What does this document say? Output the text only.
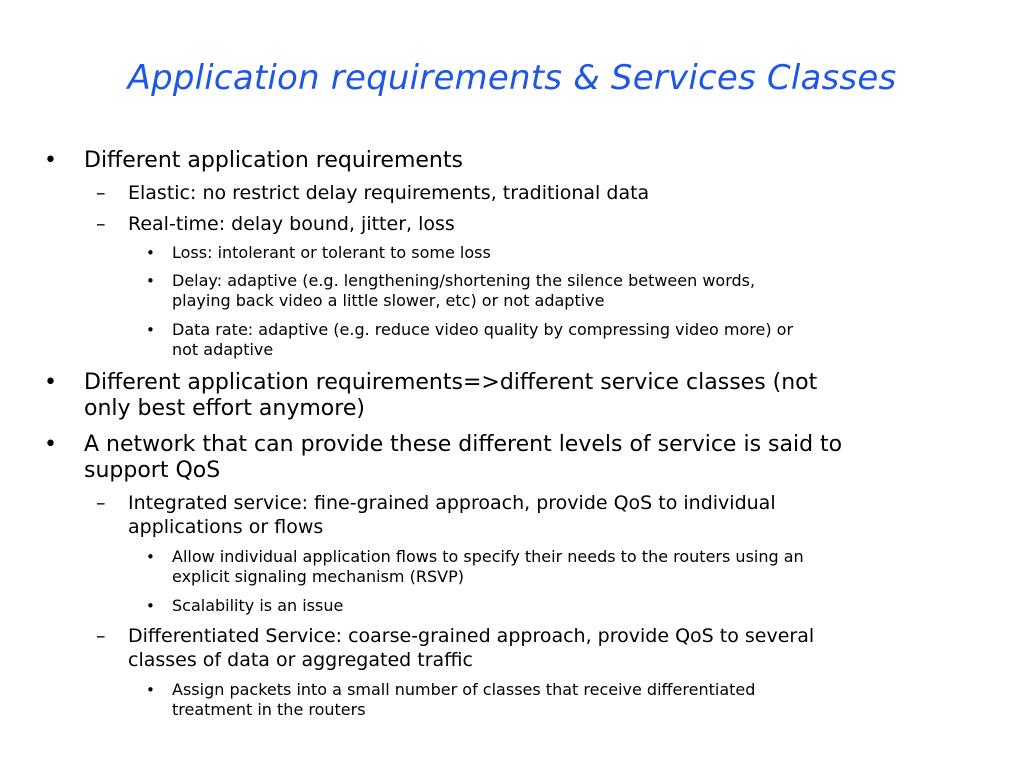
Application requirements & Services Classes
• Different application requirements
– Elastic: no restrict delay requirements, traditional data
– Real-time: delay bound, jitter, loss
• Loss: intolerant or tolerant to some loss
• Delay: adaptive (e.g. lengthening/shortening the silence between words,
playing back video a little slower, etc) or not adaptive
• Data rate: adaptive (e.g. reduce video quality by compressing video more) or
not adaptive
• Different application requirements=>different service classes (not
only best effort anymore)
• A network that can provide these different levels of service is said to
support QoS
– Integrated service: fine-grained approach, provide QoS to individual
applications or flows
• Allow individual application flows to specify their needs to the routers using an
explicit signaling mechanism (RSVP)
• Scalability is an issue
– Differentiated Service: coarse-grained approach, provide QoS to several
classes of data or aggregated traffic
• Assign packets into a small number of classes that receive differentiated
treatment in the routers
